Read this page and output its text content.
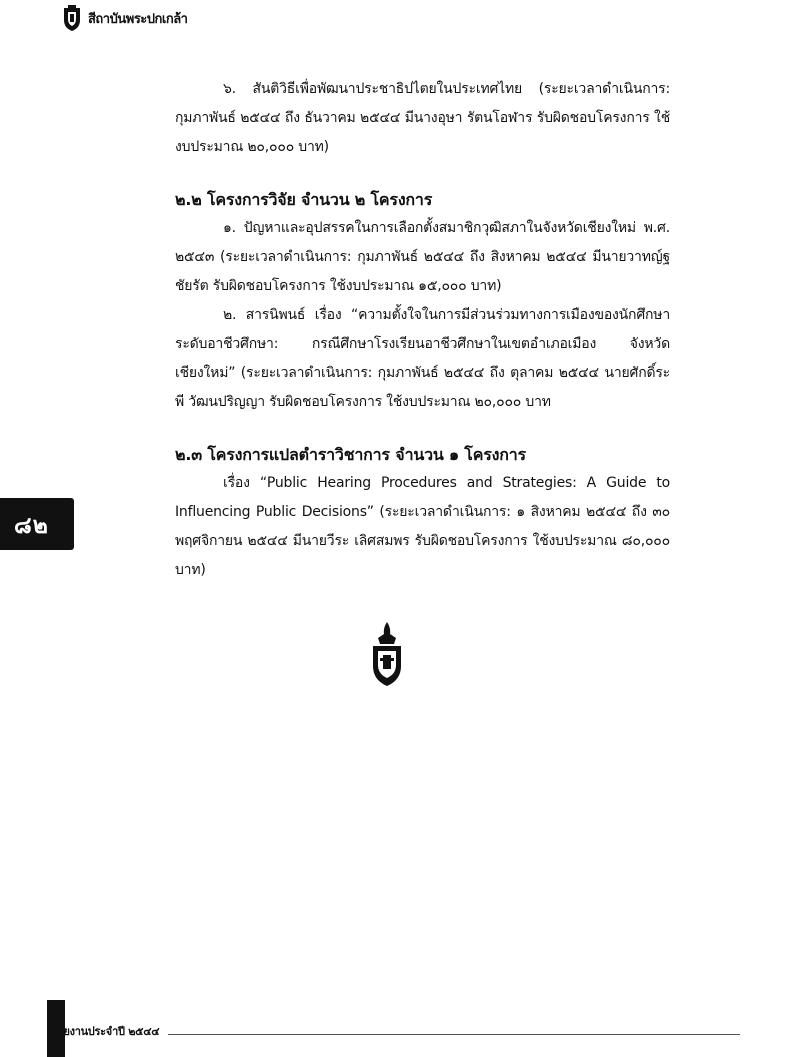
สีถาบันพระปกเกล้า

๖. สันติวิธีเพื่อพัฒนาประชาธิปไตยในประเทศไทย (ระยะเวลาดำเนินการ: กุมภาพันธ์ ๒๕๔๔ ถึง ธันวาคม ๒๕๔๔ มีนางอุษา รัตนโอฬาร รับผิดชอบโครงการ ใช้งบประมาณ ๒๐,๐๐๐ บาท)

๒.๒ โครงการวิจัย จำนวน ๒ โครงการ

๑. ปัญหาและอุปสรรคในการเลือกตั้งสมาชิกวุฒิสภาในจังหวัดเชียงใหม่ พ.ศ. ๒๕๔๓ (ระยะเวลาดำเนินการ: กุมภาพันธ์ ๒๕๔๔ ถึง สิงหาคม ๒๕๔๔ มีนายวาทญ์ฐ ชัยรัต รับผิดชอบโครงการ ใช้งบประมาณ ๑๕,๐๐๐ บาท)

๒. สารนิพนธ์ เรื่อง “ความตั้งใจในการมีส่วนร่วมทางการเมืองของนักศึกษาระดับอาชีวศึกษา: กรณีศึกษาโรงเรียนอาชีวศึกษาในเขตอำเภอเมือง จังหวัดเชียงใหม่” (ระยะเวลาดำเนินการ: กุมภาพันธ์ ๒๕๔๔ ถึง ตุลาคม ๒๕๔๔ นายศักดิ์ระพี วัฒนปริญญา รับผิดชอบโครงการ ใช้งบประมาณ ๒๐,๐๐๐ บาท

๒.๓ โครงการแปลตำราวิชาการ จำนวน ๑ โครงการ

เรื่อง “Public Hearing Procedures and Strategies: A Guide to Influencing Public Decisions” (ระยะเวลาดำเนินการ: ๑ สิงหาคม ๒๕๔๔ ถึง ๓๐ พฤศจิกายน ๒๕๔๔ มีนายวีระ เลิศสมพร รับผิดชอบโครงการ ใช้งบประมาณ ๘๐,๐๐๐ บาท)

๘๒
รายงานประจำปี ๒๕๔๔
